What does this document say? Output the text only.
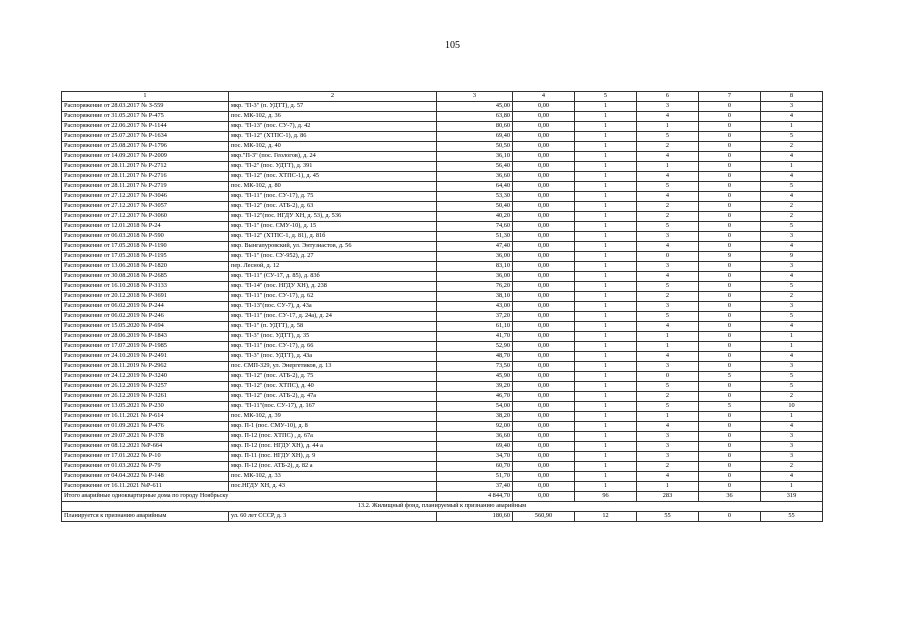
105
1	2	3	4	5	6	7	8
Распоряжение от 28.03.2017 № З-559	мкр. "П-3" (п. УДТТ), д. 57	45,00	0,00	1	3	0	3
Распоряжение от 31.05.2017 № Р-475	пос. МК-102, д. 36	63,80	0,00	1	4	0	4
Распоряжение от 22.06.2017 № Р-1144	мкр. "П-13" (пос. СУ-7), д. 42	80,60	0,00	1	1	0	1
Распоряжение от 25.07.2017 № Р-1634	мкр. "П-12" (ХТПС-1), д. 86	69,40	0,00	1	5	0	5
Распоряжение от 25.08.2017 № Р-1796	пос. МК-102, д. 40	50,50	0,00	1	2	0	2
Распоряжение от 14.09.2017 № Р-2009	мкр."П-3" (пос. Геологов), д. 24	36,10	0,00	1	4	0	4
Распоряжение от 28.11.2017 № Р-2712	мкр. "П-2" (пос. УДТТ), д. 391	56,40	0,00	1	1	0	1
Распоряжение от 28.11.2017 № Р-2716	мкр. "П-12" (пос. ХТПС-1), д. 45	36,60	0,00	1	4	0	4
Распоряжение от 28.11.2017 № Р-2719	пос. МК-102, д. 80	64,40	0,00	1	5	0	5
Распоряжение от 27.12.2017 № Р-3046	мкр. "П-11" (пос. СУ-17), д. 75	53,30	0,00	1	4	0	4
Распоряжение от 27.12.2017 № Р-3057	мкр. "П-12" (пос. АТБ-2), д. 63	50,40	0,00	1	2	0	2
Распоряжение от 27.12.2017 № Р-3060	мкр. "П-12"(пос. НГДУ ХН, д. 53), д. 536	40,20	0,00	1	2	0	2
Распоряжение от 12.01.2018 № Р-24	мкр. "П-1" (пос. СМУ-10), д. 15	74,60	0,00	1	5	0	5
Распоряжение от 06.03.2018 № Р-590	мкр. "П-12" (ХТПС-1, д. 81), д. 81б	51,30	0,00	1	3	0	3
Распоряжение от 17.05.2018 № Р-1190	мкр. Вынгапуровский, ул. Энтузиастов, д. 56	47,40	0,00	1	4	0	4
Распоряжение от 17.05.2018 № Р-1195	мкр. "П-1" (пос. СУ-952), д. 27	36,00	0,00	1	0	9	9
Распоряжение от 13.06.2018 № Р-1820	пер. Лесной, д. 12	83,10	0,00	1	3	0	3
Распоряжение от 30.08.2018 № Р-2685	мкр. "П-11" (СУ-17, д. 85), д. 83б	36,00	0,00	1	4	0	4
Распоряжение от 16.10.2018 № Р-3133	мкр. "П-14" (пос. НГДУ ХН), д. 238	76,20	0,00	1	5	0	5
Распоряжение от 20.12.2018 № Р-3691	мкр. "П-11" (пос. СУ-17), д. 62	38,10	0,00	1	2	0	2
Распоряжение от 06.02.2019 № Р-244	мкр. "П-13"(пос. СУ-7), д. 43а	43,00	0,00	1	3	0	3
Распоряжение от 06.02.2019 № Р-246	мкр. "П-11" (пос. СУ-17, д. 24а), д. 24	37,20	0,00	1	5	0	5
Распоряжение от 15.05.2020 № Р-694	мкр. "П-1" (п. УДТТ), д. 58	61,10	0,00	1	4	0	4
Распоряжение от 28.06.2019 № Р-1843	мкр. "П-3" (пос. УДТТ), д. 35	41,70	0,00	1	1	0	1
Распоряжение от 17.07.2019 № Р-1985	мкр. "П-11" (пос. СУ-17), д. 66	52,90	0,00	1	1	0	1
Распоряжение от 24.10.2019 № Р-2491	мкр. "П-3" (пос. УДТТ), д. 43а	48,70	0,00	1	4	0	4
Распоряжение от 28.11.2019 № Р-2962	пос. СМП-329, ул. Энергетиков, д. 13	73,50	0,00	1	3	0	3
Распоряжение от 24.12.2019 № Р-3240	мкр. "П-12" (пос. АТБ-2), д. 75	45,90	0,00	1	0	5	5
Распоряжение от 26.12.2019 № Р-3257	мкр. "П-12" (пос. ХТПС), д. 40	39,20	0,00	1	5	0	5
Распоряжение от 26.12.2019 № Р-3261	мкр. "П-12" (пос. АТБ-2), д. 47а	46,70	0,00	1	2	0	2
Распоряжение от 13.05.2021 № Р-230	мкр. "П-11"(пос. СУ-17), д. 167	54,00	0,00	1	5	5	10
Распоряжение от 16.11.2021 № Р-614	пос. МК-102, д. 39	38,20	0,00	1	1	0	1
Распоряжение от 01.09.2021 № Р-476	мкр. П-1 (пос. СМУ-10), д. 8	92,00	0,00	1	4	0	4
Распоряжение от 29.07.2021 № Р-378	мкр. П-12 (пос. ХТПС) , д. 67а	36,60	0,00	1	3	0	3
Распоряжение от 08.12.2021 №Р-664	мкр. П-12 (пос. НГДУ ХН), д. 44 а	69,40	0,00	1	3	0	3
Распоряжение от 17.01.2022 № Р-10	мкр. П-11 (пос. НГДУ ХН), д. 9	34,70	0,00	1	3	0	3
Распоряжение от 01.03.2022 № Р-79	мкр. П-12 (пос. АТБ-2), д. 82 а	60,70	0,00	1	2	0	2
Распоряжение от 04.04.2022 № Р-148	пос. МК-102, д. 33	51,70	0,00	1	4	0	4
Распоряжение от 16.11.2021 №Р-611	пос.НГДУ ХН, д. 43	37,40	0,00	1	1	0	1
Итого аварийные одноквартирные дома по городу Ноябрьску		4 844,70	0,00	96	283	36	319
13.2. Жилищный фонд, планируемый к признанию аварийным							
Планируется к признанию аварийным	ул. 60 лет СССР, д. 3	180,60	560,90	12	55	0	55
